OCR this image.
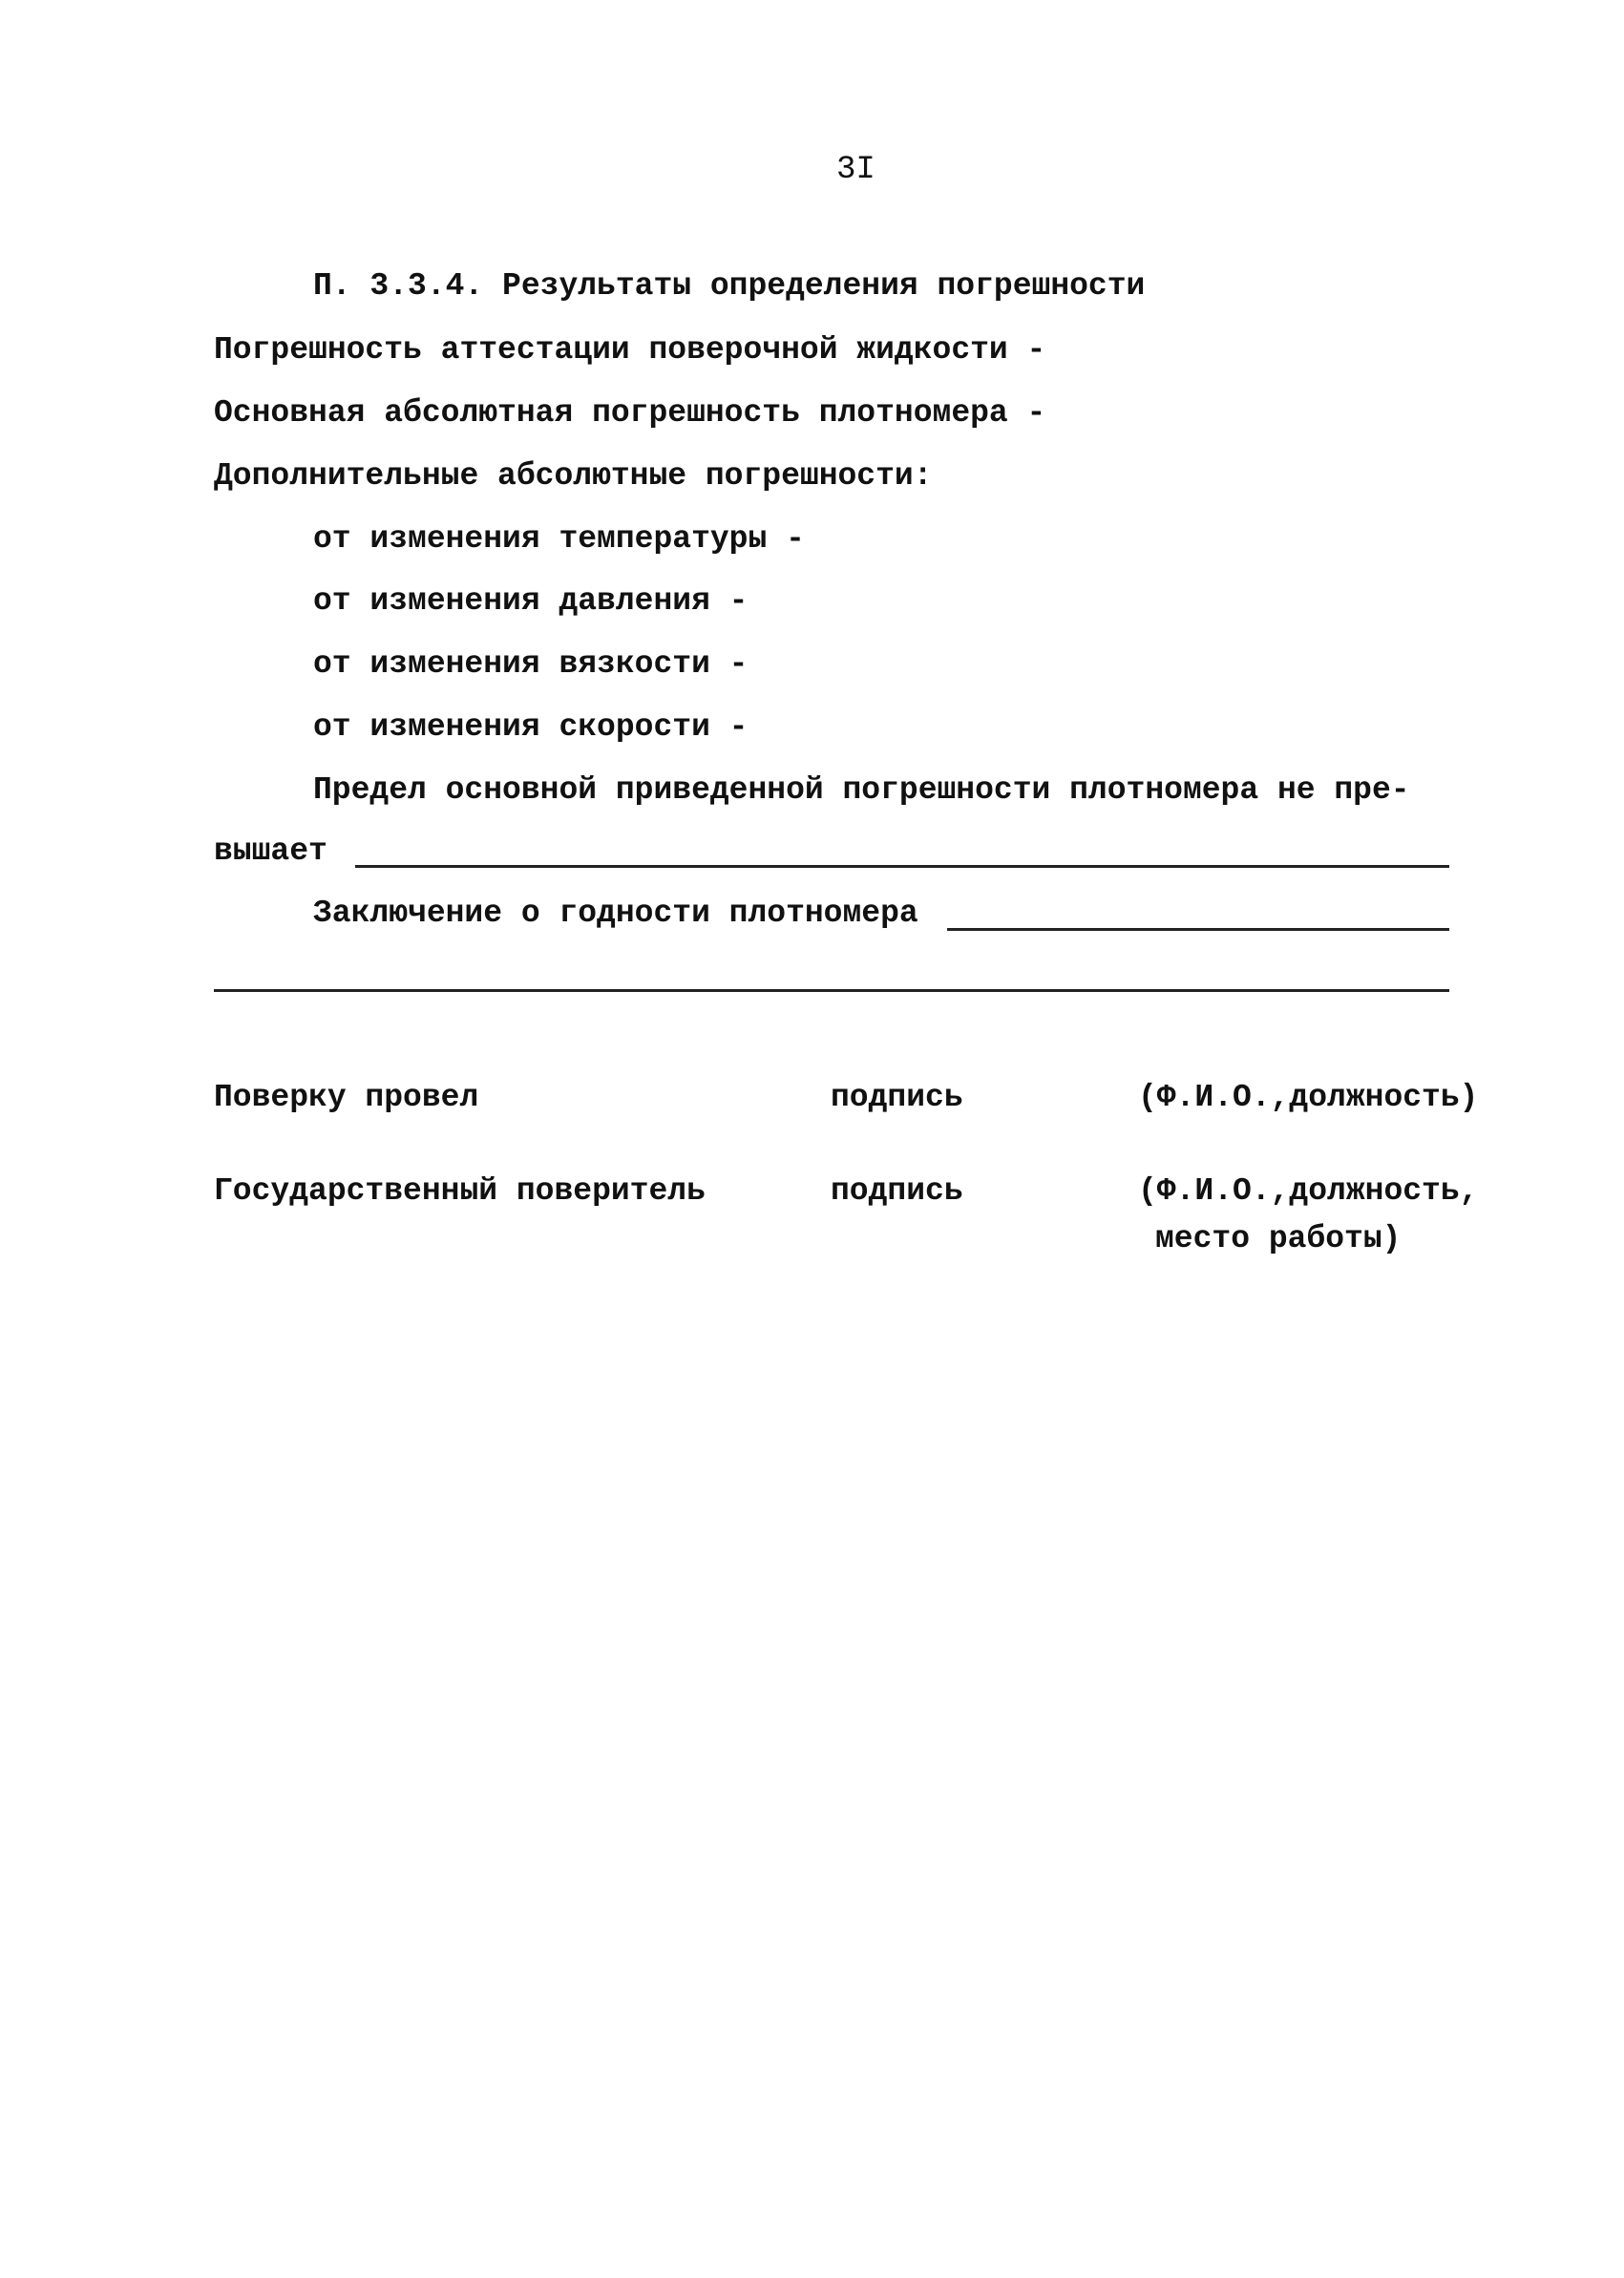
3I
П. 3.3.4. Результаты определения погрешности
Погрешность аттестации поверочной жидкости -
Основная абсолютная погрешность плотномера -
Дополнительные абсолютные погрешности:
от изменения температуры -
от изменения давления -
от изменения вязкости -
от изменения скорости -
Предел основной приведенной погрешности плотномера не пре-
вышает
Заключение о годности плотномера
Поверку провел	подпись	(Ф.И.О.,должность)
Государственный поверитель	подпись	(Ф.И.О.,должность,
место работы)
